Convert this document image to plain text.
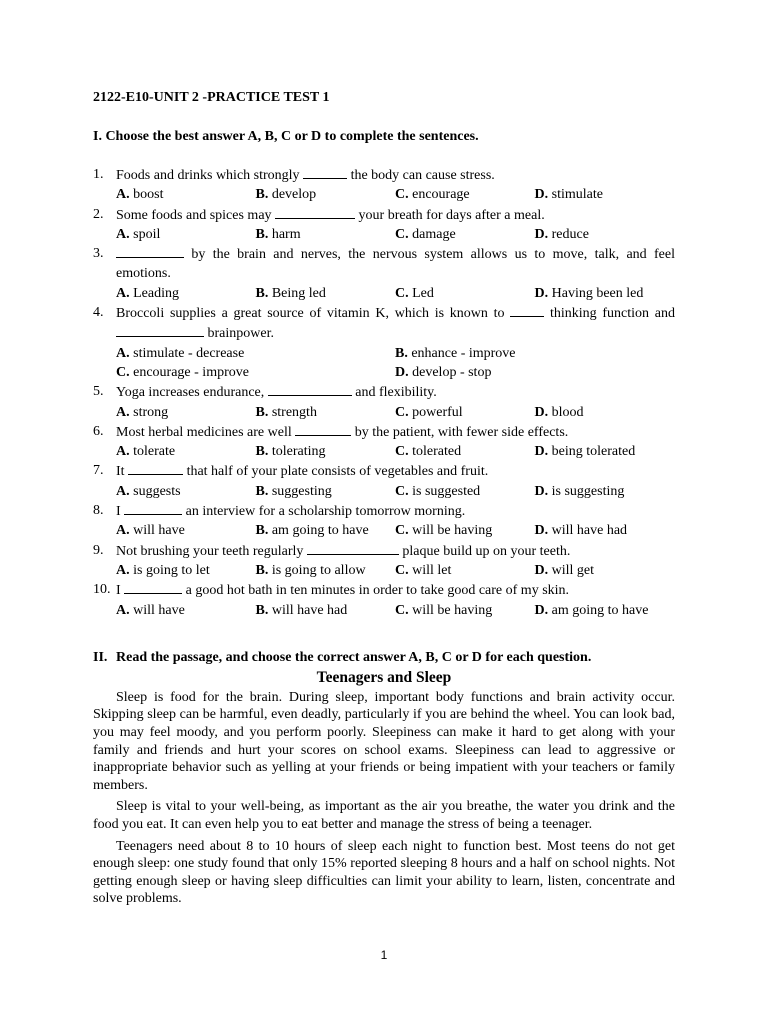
2122-E10-UNIT 2 -PRACTICE TEST 1
I. Choose the best answer A, B, C or D to complete the sentences.
1. Foods and drinks which strongly	the body can cause stress.
A. boost	B. develop	C. encourage	D. stimulate
2. Some foods and spices may	your breath for days after a meal.
A. spoil	B. harm	C. damage	D. reduce
3.	by the brain and nerves, the nervous system allows us to move, talk, and feel emotions.
A. Leading	B. Being led	C. Led	D. Having been led
4. Broccoli supplies a great source of vitamin K, which is known to  thinking function and  brainpower.
A. stimulate - decrease	B. enhance - improve
C. encourage - improve	D. develop - stop
5. Yoga increases endurance,	and flexibility.
A. strong	B. strength	C. powerful	D. blood
6. Most herbal medicines are well	by the patient, with fewer side effects.
A. tolerate	B. tolerating	C. tolerated	D. being tolerated
7. It	that half of your plate consists of vegetables and fruit.
A. suggests	B. suggesting	C. is suggested	D. is suggesting
8. I	an interview for a scholarship tomorrow morning.
A. will have	B. am going to have	C. will be having	D. will have had
9. Not brushing your teeth regularly	plaque build up on your teeth.
A. is going to let	B. is going to allow	C. will let	D. will get
10. I	a good hot bath in ten minutes in order to take good care of my skin.
A. will have	B. will have had	C. will be having	D. am going to have
II. Read the passage, and choose the correct answer A, B, C or D for each question.
Teenagers and Sleep

Sleep is food for the brain. During sleep, important body functions and brain activity occur. Skipping sleep can be harmful, even deadly, particularly if you are behind the wheel. You can look bad, you may feel moody, and you perform poorly. Sleepiness can make it hard to get along with your family and friends and hurt your scores on school exams. Sleepiness can lead to aggressive or inappropriate behavior such as yelling at your friends or being impatient with your teachers or family members.

Sleep is vital to your well-being, as important as the air you breathe, the water you drink and the food you eat. It can even help you to eat better and manage the stress of being a teenager.

Teenagers need about 8 to 10 hours of sleep each night to function best. Most teens do not get enough sleep: one study found that only 15% reported sleeping 8 hours and a half on school nights. Not getting enough sleep or having sleep difficulties can limit your ability to learn, listen, concentrate and solve problems.

1
